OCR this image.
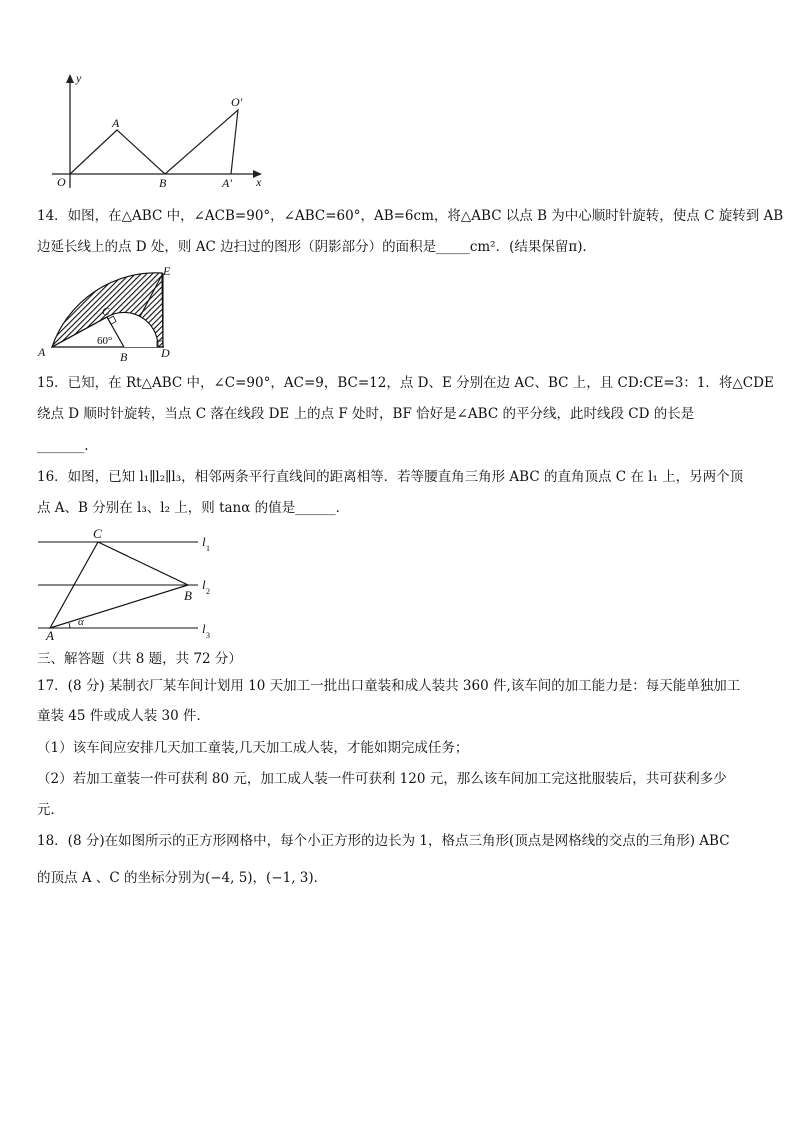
y
x
O
A
B
O′
A′
14．如图，在△ABC 中，∠ACB=90°，∠ABC=60°，AB=6cm，将△ABC 以点 B 为中心顺时针旋转，使点 C 旋转到 AB
边延长线上的点 D 处，则 AC 边扫过的图形（阴影部分）的面积是_____cm²．(结果保留π)．
A	B
C
D
E
60°
15．已知，在 Rt△ABC 中，∠C=90°，AC=9，BC=12，点 D、E 分别在边 AC、BC 上，且 CD:CE=3：1．将△CDE
绕点 D 顺时针旋转，当点 C 落在线段 DE 上的点 F 处时，BF 恰好是∠ABC 的平分线，此时线段 CD 的长是
_______.
16．如图，已知 l₁∥l₂∥l₃，相邻两条平行直线间的距离相等．若等腰直角三角形 ABC 的直角顶点 C 在 l₁ 上，另两个顶
点 A、B 分别在 l₃、l₂ 上，则 tanα 的值是______．
C
B
A
α
l 1
l 2
l 3
三、解答题（共 8 题，共 72 分）
17．(8 分) 某制衣厂某车间计划用 10 天加工一批出口童装和成人装共 360 件,该车间的加工能力是：每天能单独加工
童装 45 件或成人装 30 件．
（1）该车间应安排几天加工童装,几天加工成人装，才能如期完成任务；
（2）若加工童装一件可获利 80 元，加工成人装一件可获利 120 元，那么该车间加工完这批服装后，共可获利多少
元．
18．(8 分)在如图所示的正方形网格中，每个小正方形的边长为 1，格点三角形(顶点是网格线的交点的三角形) ABC
的顶点 A 、C 的坐标分别为(−4, 5)，(−1, 3)．
